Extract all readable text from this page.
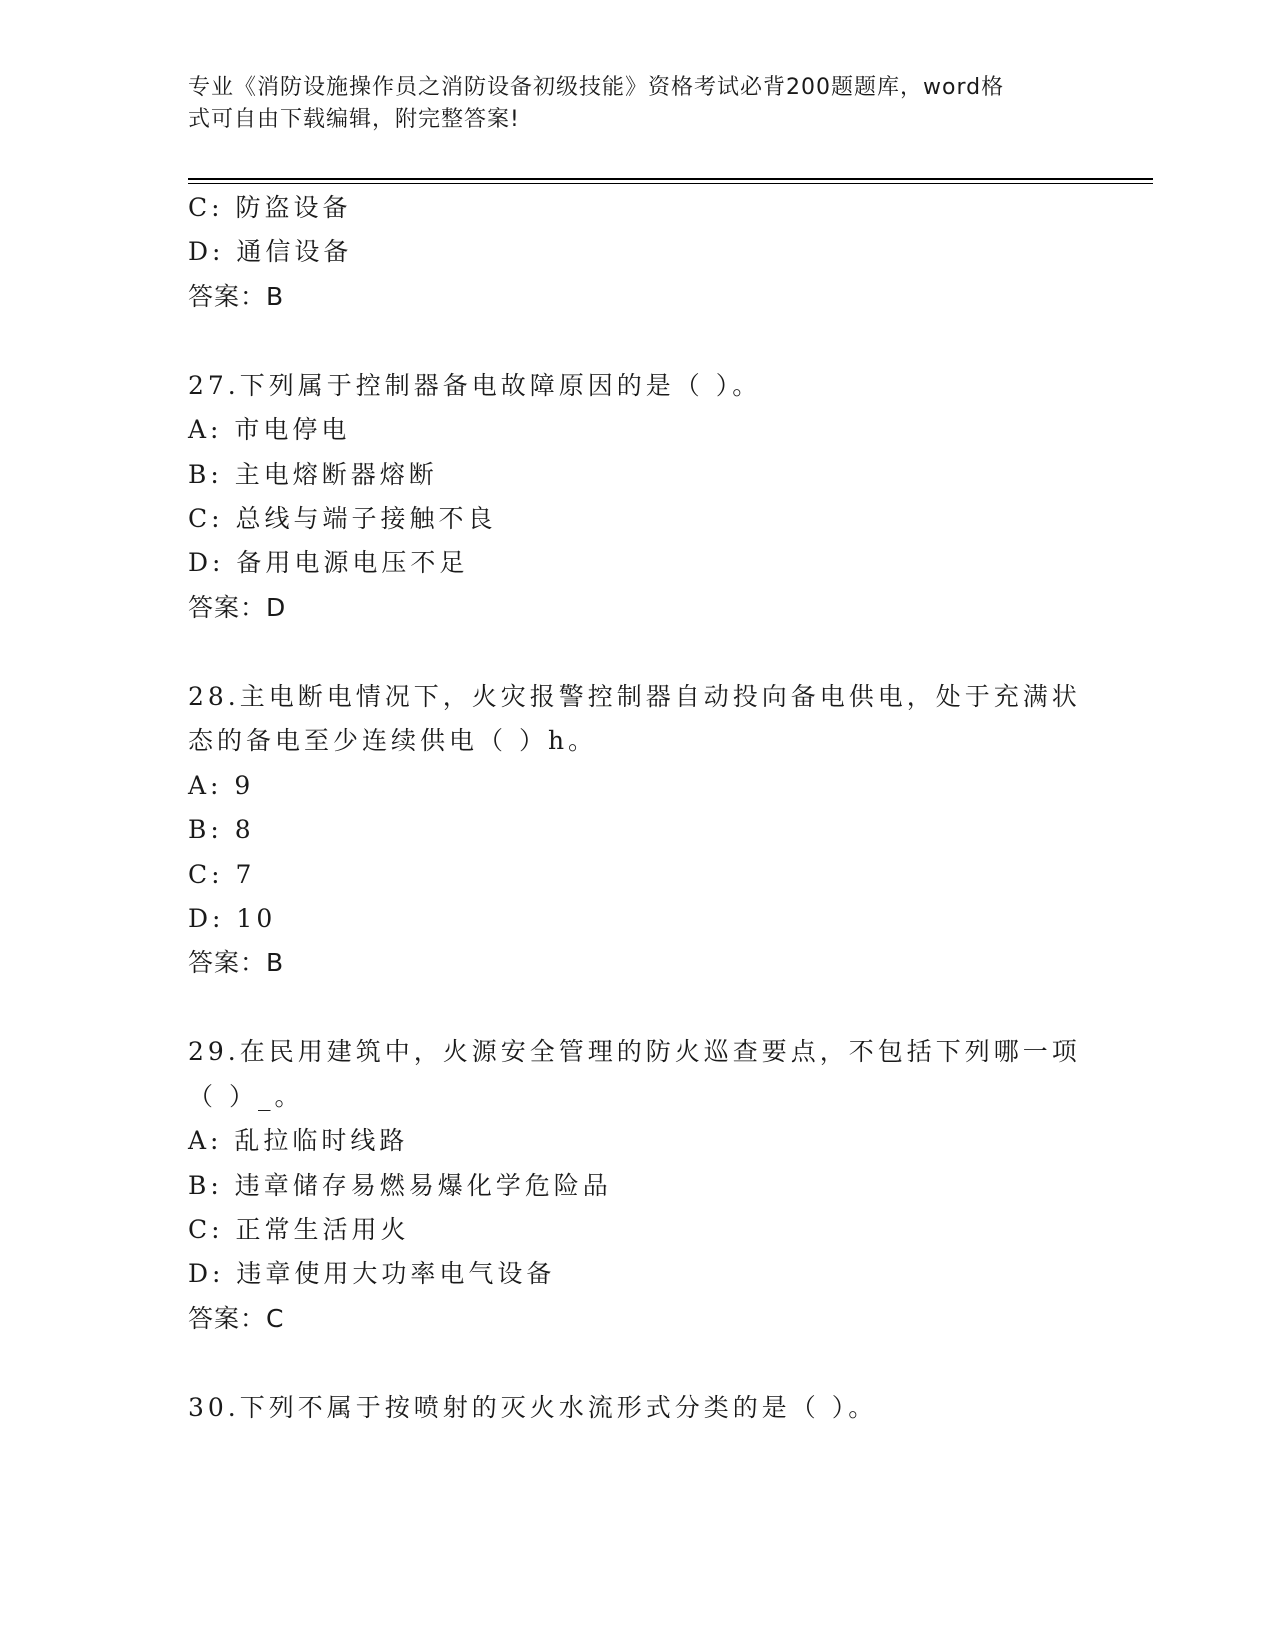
专业《消防设施操作员之消防设备初级技能》资格考试必背200题题库，word格
式可自由下载编辑，附完整答案!
C: 防盗设备
D: 通信设备
答案：B
27.下列属于控制器备电故障原因的是（ ）。
A: 市电停电
B: 主电熔断器熔断
C: 总线与端子接触不良
D: 备用电源电压不足
答案：D
28.主电断电情况下，火灾报警控制器自动投向备电供电，处于充满状
态的备电至少连续供电（ ）h。
A: 9
B: 8
C: 7
D: 10
答案：B
29.在民用建筑中，火源安全管理的防火巡查要点，不包括下列哪一项
（ ）_。
A: 乱拉临时线路
B: 违章储存易燃易爆化学危险品
C: 正常生活用火
D: 违章使用大功率电气设备
答案：C
30.下列不属于按喷射的灭火水流形式分类的是（ ）。
